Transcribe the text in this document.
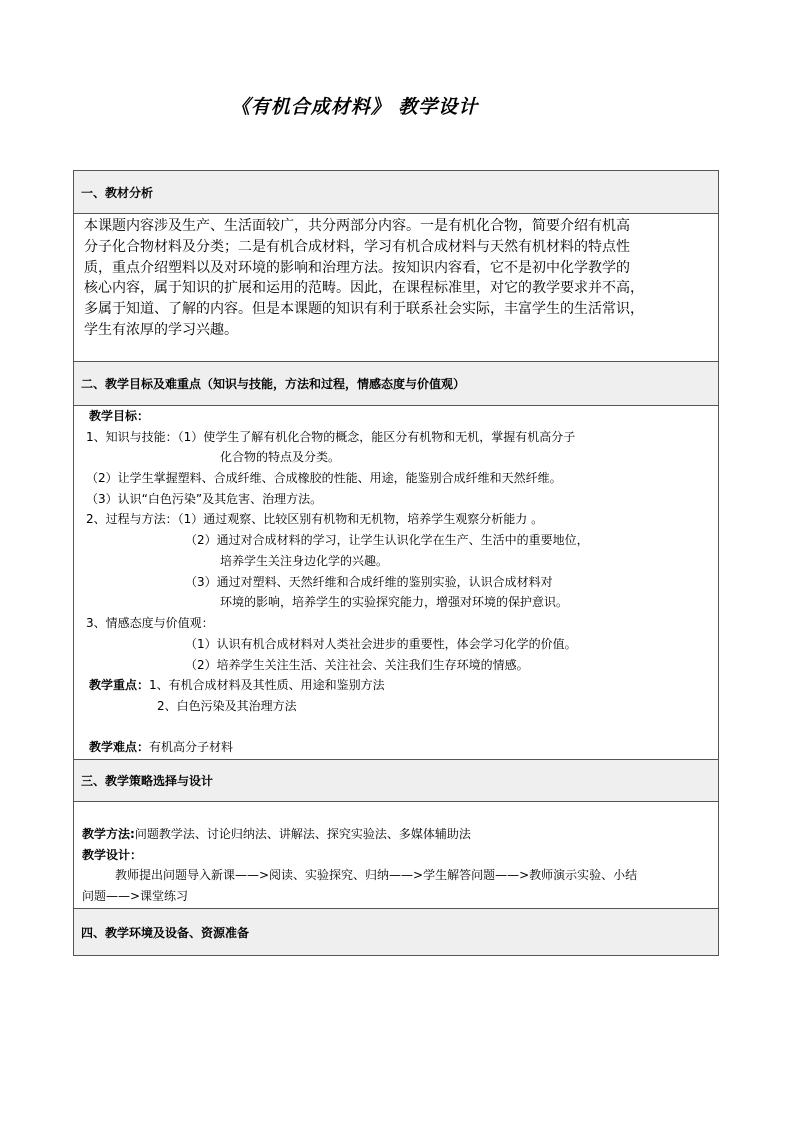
《有机合成材料》 教学设计
一、教材分析
本课题内容涉及生产、生活面较广，共分两部分内容。一是有机化合物，简要介绍有机高
分子化合物材料及分类；二是有机合成材料，学习有机合成材料与天然有机材料的特点性
质，重点介绍塑料以及对环境的影响和治理方法。按知识内容看，它不是初中化学教学的
核心内容，属于知识的扩展和运用的范畴。因此，在课程标准里，对它的教学要求并不高，
多属于知道、了解的内容。但是本课题的知识有利于联系社会实际，丰富学生的生活常识，
学生有浓厚的学习兴趣。
二、教学目标及难重点（知识与技能，方法和过程，情感态度与价值观）
教学目标：
1、知识与技能：（1）使学生了解有机化合物的概念，能区分有机物和无机，掌握有机高分子
化合物的特点及分类。
（2）让学生掌握塑料、合成纤维、合成橡胶的性能、用途，能鉴别合成纤维和天然纤维。
（3）认识“白色污染”及其危害、治理方法。
2、过程与方法：（1）通过观察、比较区别有机物和无机物，培养学生观察分析能力 。
（2）通过对合成材料的学习，让学生认识化学在生产、生活中的重要地位，
培养学生关注身边化学的兴趣。
（3）通过对塑料、天然纤维和合成纤维的鉴别实验，认识合成材料对
环境的影响，培养学生的实验探究能力，增强对环境的保护意识。
3、情感态度与价值观：
（1）认识有机合成材料对人类社会进步的重要性，体会学习化学的价值。
（2）培养学生关注生活、关注社会、关注我们生存环境的情感。
教学重点：1、有机合成材料及其性质、用途和鉴别方法
2、白色污染及其治理方法
教学难点：有机高分子材料
三、教学策略选择与设计
教学方法:问题教学法、讨论归纳法、讲解法、探究实验法、多媒体辅助法
教学设计：
教师提出问题导入新课——>阅读、实验探究、归纳——>学生解答问题——>教师演示实验、小结
问题——>课堂练习
四、教学环境及设备、资源准备
